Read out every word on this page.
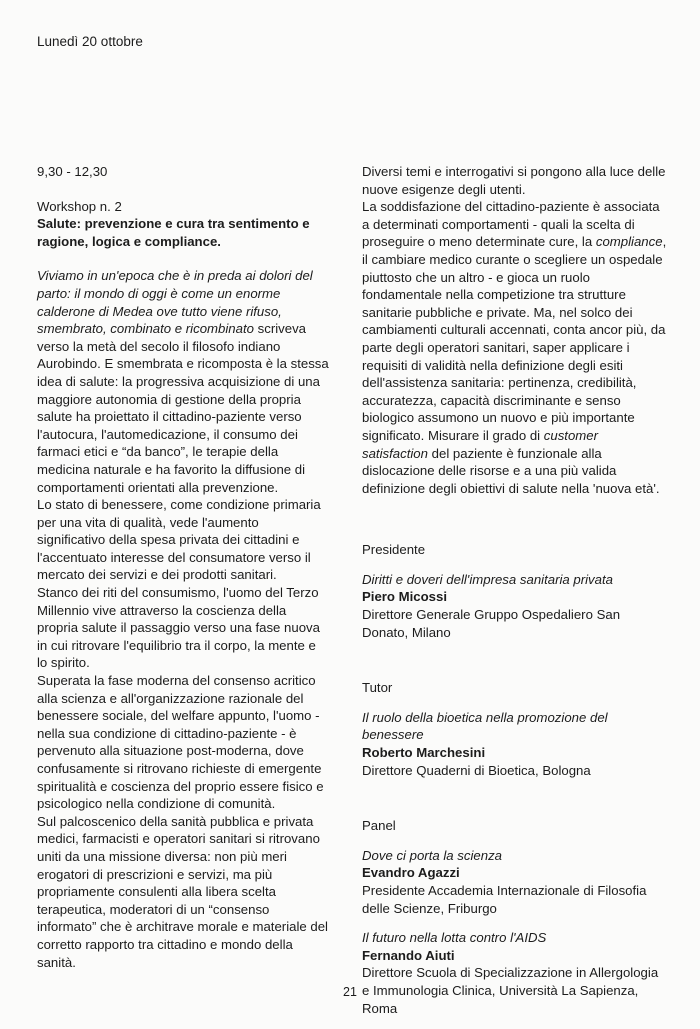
Lunedì 20 ottobre

9,30 - 12,30

Workshop n. 2

Salute: prevenzione e cura tra sentimento e ragione, logica e compliance.

Viviamo in un'epoca che è in preda ai dolori del parto: il mondo di oggi è come un enorme calderone di Medea ove tutto viene rifuso, smembrato, combinato e ricombinato scriveva verso la metà del secolo il filosofo indiano Aurobindo. E smembrata e ricomposta è la stessa idea di salute: la progressiva acquisizione di una maggiore autonomia di gestione della propria salute ha proiettato il cittadino-paziente verso l'autocura, l'automedicazione, il consumo dei farmaci etici e “da banco”, le terapie della medicina naturale e ha favorito la diffusione di comportamenti orientati alla prevenzione.

Lo stato di benessere, come condizione primaria per una vita di qualità, vede l'aumento significativo della spesa privata dei cittadini e l'accentuato interesse del consumatore verso il mercato dei servizi e dei prodotti sanitari.

Stanco dei riti del consumismo, l'uomo del Terzo Millennio vive attraverso la coscienza della propria salute il passaggio verso una fase nuova in cui ritrovare l'equilibrio tra il corpo, la mente e lo spirito.

Superata la fase moderna del consenso acritico alla scienza e all'organizzazione razionale del benessere sociale, del welfare appunto, l'uomo - nella sua condizione di cittadino-paziente - è pervenuto alla situazione post-moderna, dove confusamente si ritrovano richieste di emergente spiritualità e coscienza del proprio essere fisico e psicologico nella condizione di comunità.

Sul palcoscenico della sanità pubblica e privata medici, farmacisti e operatori sanitari si ritrovano uniti da una missione diversa: non più meri erogatori di prescrizioni e servizi, ma più propriamente consulenti alla libera scelta terapeutica, moderatori di un “consenso informato” che è architrave morale e materiale del corretto rapporto tra cittadino e mondo della sanità.

Diversi temi e interrogativi si pongono alla luce delle nuove esigenze degli utenti.

La soddisfazione del cittadino-paziente è associata a determinati comportamenti - quali la scelta di proseguire o meno determinate cure, la compliance, il cambiare medico curante o scegliere un ospedale piuttosto che un altro - e gioca un ruolo fondamentale nella competizione tra strutture sanitarie pubbliche e private. Ma, nel solco dei cambiamenti culturali accennati, conta ancor più, da parte degli operatori sanitari, saper applicare i requisiti di validità nella definizione degli esiti dell'assistenza sanitaria: pertinenza, credibilità, accuratezza, capacità discriminante e senso biologico assumono un nuovo e più importante significato. Misurare il grado di customer satisfaction del paziente è funzionale alla dislocazione delle risorse e a una più valida definizione degli obiettivi di salute nella 'nuova età'.

Presidente

Diritti e doveri dell'impresa sanitaria privata

Piero Micossi

Direttore Generale Gruppo Ospedaliero San Donato, Milano

Tutor

Il ruolo della bioetica nella promozione del benessere

Roberto Marchesini

Direttore Quaderni di Bioetica, Bologna

Panel

Dove ci porta la scienza

Evandro Agazzi

Presidente Accademia Internazionale di Filosofia delle Scienze, Friburgo

Il futuro nella lotta contro l'AIDS

Fernando Aiuti

Direttore Scuola di Specializzazione in Allergologia e Immunologia Clinica, Università La Sapienza, Roma

21
